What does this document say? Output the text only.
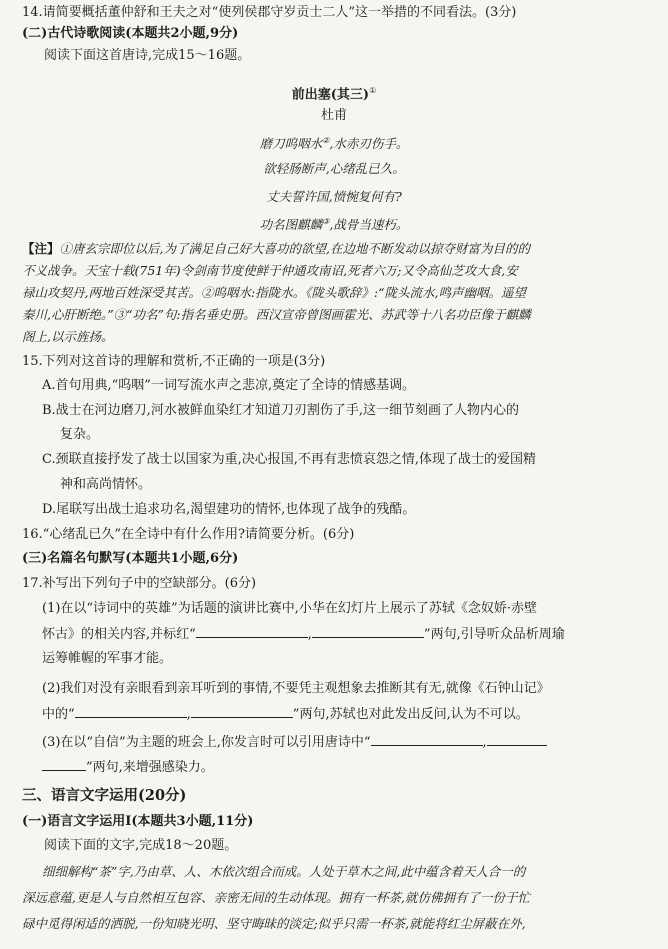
14.请简要概括董仲舒和王夫之对“使列侯郡守岁贡士二人”这一举措的不同看法。(3分)
(二)古代诗歌阅读(本题共2小题,9分)
阅读下面这首唐诗,完成15～16题。
前出塞(其三)①
杜甫
磨刀呜咽水②,水赤刃伤手。
欲轻肠断声,心绪乱已久。
丈夫誓许国,愤惋复何有?
功名图麒麟③,战骨当速朽。
【注】①唐玄宗即位以后,为了满足自己好大喜功的欲望,在边地不断发动以掠夺财富为目的的
不义战争。天宝十载(751年)令剑南节度使鲜于仲通攻南诏,死者六万;又令高仙芝攻大食,安
禄山攻契丹,两地百姓深受其苦。②呜咽水:指陇水。《陇头歌辞》:“陇头流水,鸣声幽咽。遥望
秦川,心肝断绝。”③“功名”句:指名垂史册。西汉宣帝曾图画霍光、苏武等十八名功臣像于麒麟
阁上,以示旌扬。
15.下列对这首诗的理解和赏析,不正确的一项是(3分)
A.首句用典,“呜咽”一词写流水声之悲凉,奠定了全诗的情感基调。
B.战士在河边磨刀,河水被鲜血染红才知道刀刃割伤了手,这一细节刻画了人物内心的
复杂。
C.颈联直接抒发了战士以国家为重,决心报国,不再有悲愤哀怨之情,体现了战士的爱国精
神和高尚情怀。
D.尾联写出战士追求功名,渴望建功的情怀,也体现了战争的残酷。
16.“心绪乱已久”在全诗中有什么作用?请简要分析。(6分)
(三)名篇名句默写(本题共1小题,6分)
17.补写出下列句子中的空缺部分。(6分)
(1)在以“诗词中的英雄”为话题的演讲比赛中,小华在幻灯片上展示了苏轼《念奴娇·赤壁
怀古》的相关内容,并标红“	,	”两句,引导听众品析周瑜
运筹帷幄的军事才能。
(2)我们对没有亲眼看到亲耳听到的事情,不要凭主观想象去推断其有无,就像《石钟山记》
中的“	,	”两句,苏轼也对此发出反问,认为不可以。
(3)在以“自信”为主题的班会上,你发言时可以引用唐诗中“	,
”两句,来增强感染力。
三、语言文字运用(20分)
(一)语言文字运用Ⅰ(本题共3小题,11分)
阅读下面的文字,完成18～20题。
细细解构“茶”字,乃由草、人、木依次组合而成。人处于草木之间,此中蕴含着天人合一的
深远意蕴,更是人与自然相互包容、亲密无间的生动体现。拥有一杯茶,就仿佛拥有了一份于忙
碌中觅得闲适的洒脱,一份知晓光明、坚守晦昧的淡定;似乎只需一杯茶,就能将红尘屏蔽在外,
